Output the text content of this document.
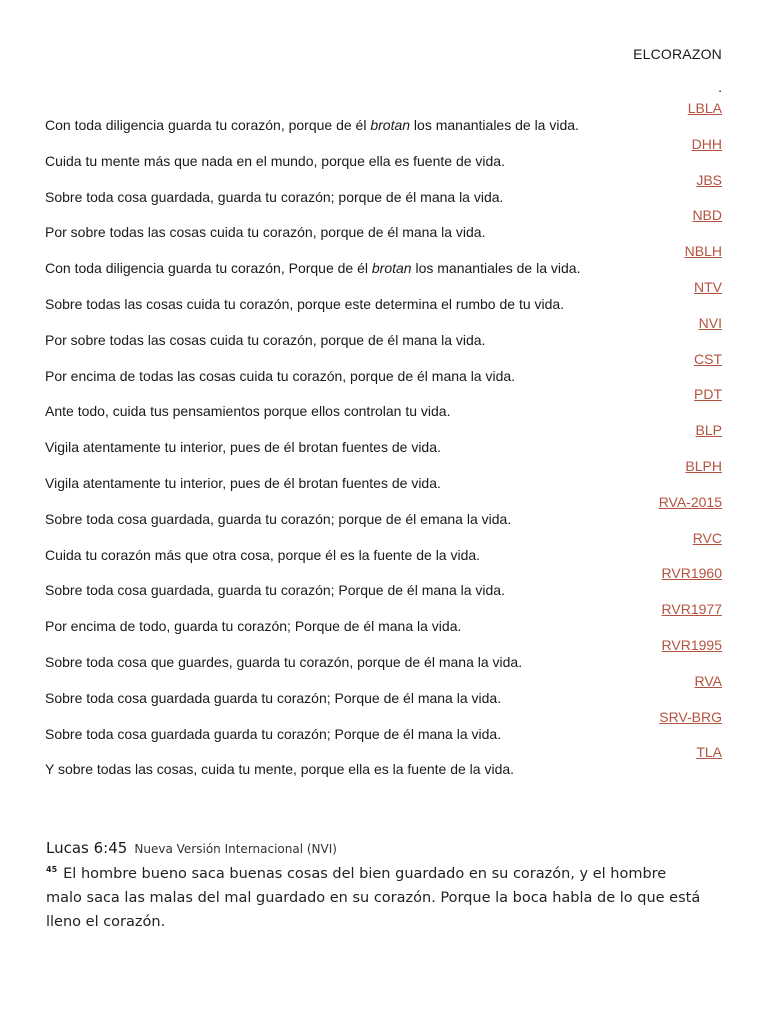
ELCORAZON
.
Con toda diligencia guarda tu corazón, porque de él brotan los manantiales de la vida.
Cuida tu mente más que nada en el mundo, porque ella es fuente de vida.
Sobre toda cosa guardada, guarda tu corazón; porque de él mana la vida.
Por sobre todas las cosas cuida tu corazón, porque de él mana la vida.
Con toda diligencia guarda tu corazón, Porque de él brotan los manantiales de la vida.
Sobre todas las cosas cuida tu corazón, porque este determina el rumbo de tu vida.
Por sobre todas las cosas cuida tu corazón, porque de él mana la vida.
Por encima de todas las cosas cuida tu corazón, porque de él mana la vida.
Ante todo, cuida tus pensamientos porque ellos controlan tu vida.
Vigila atentamente tu interior, pues de él brotan fuentes de vida.
Vigila atentamente tu interior, pues de él brotan fuentes de vida.
Sobre toda cosa guardada, guarda tu corazón; porque de él emana la vida.
Cuida tu corazón más que otra cosa, porque él es la fuente de la vida.
Sobre toda cosa guardada, guarda tu corazón; Porque de él mana la vida.
Por encima de todo, guarda tu corazón; Porque de él mana la vida.
Sobre toda cosa que guardes, guarda tu corazón, porque de él mana la vida.
Sobre toda cosa guardada guarda tu corazón; Porque de él mana la vida.
Sobre toda cosa guardada guarda tu corazón; Porque de él mana la vida.
Y sobre todas las cosas, cuida tu mente, porque ella es la fuente de la vida.
LBLA
DHH
JBS
NBD
NBLH
NTV
NVI
CST
PDT
BLP
BLPH
RVA-2015
RVC
RVR1960
RVR1977
RVR1995
RVA
SRV-BRG
TLA
Lucas 6:45 Nueva Versión Internacional (NVI)
$^{45}$ El hombre bueno saca buenas cosas del bien guardado en su corazón, y el hombre malo saca las malas del mal guardado en su corazón. Porque la boca habla de lo que está lleno el corazón.
